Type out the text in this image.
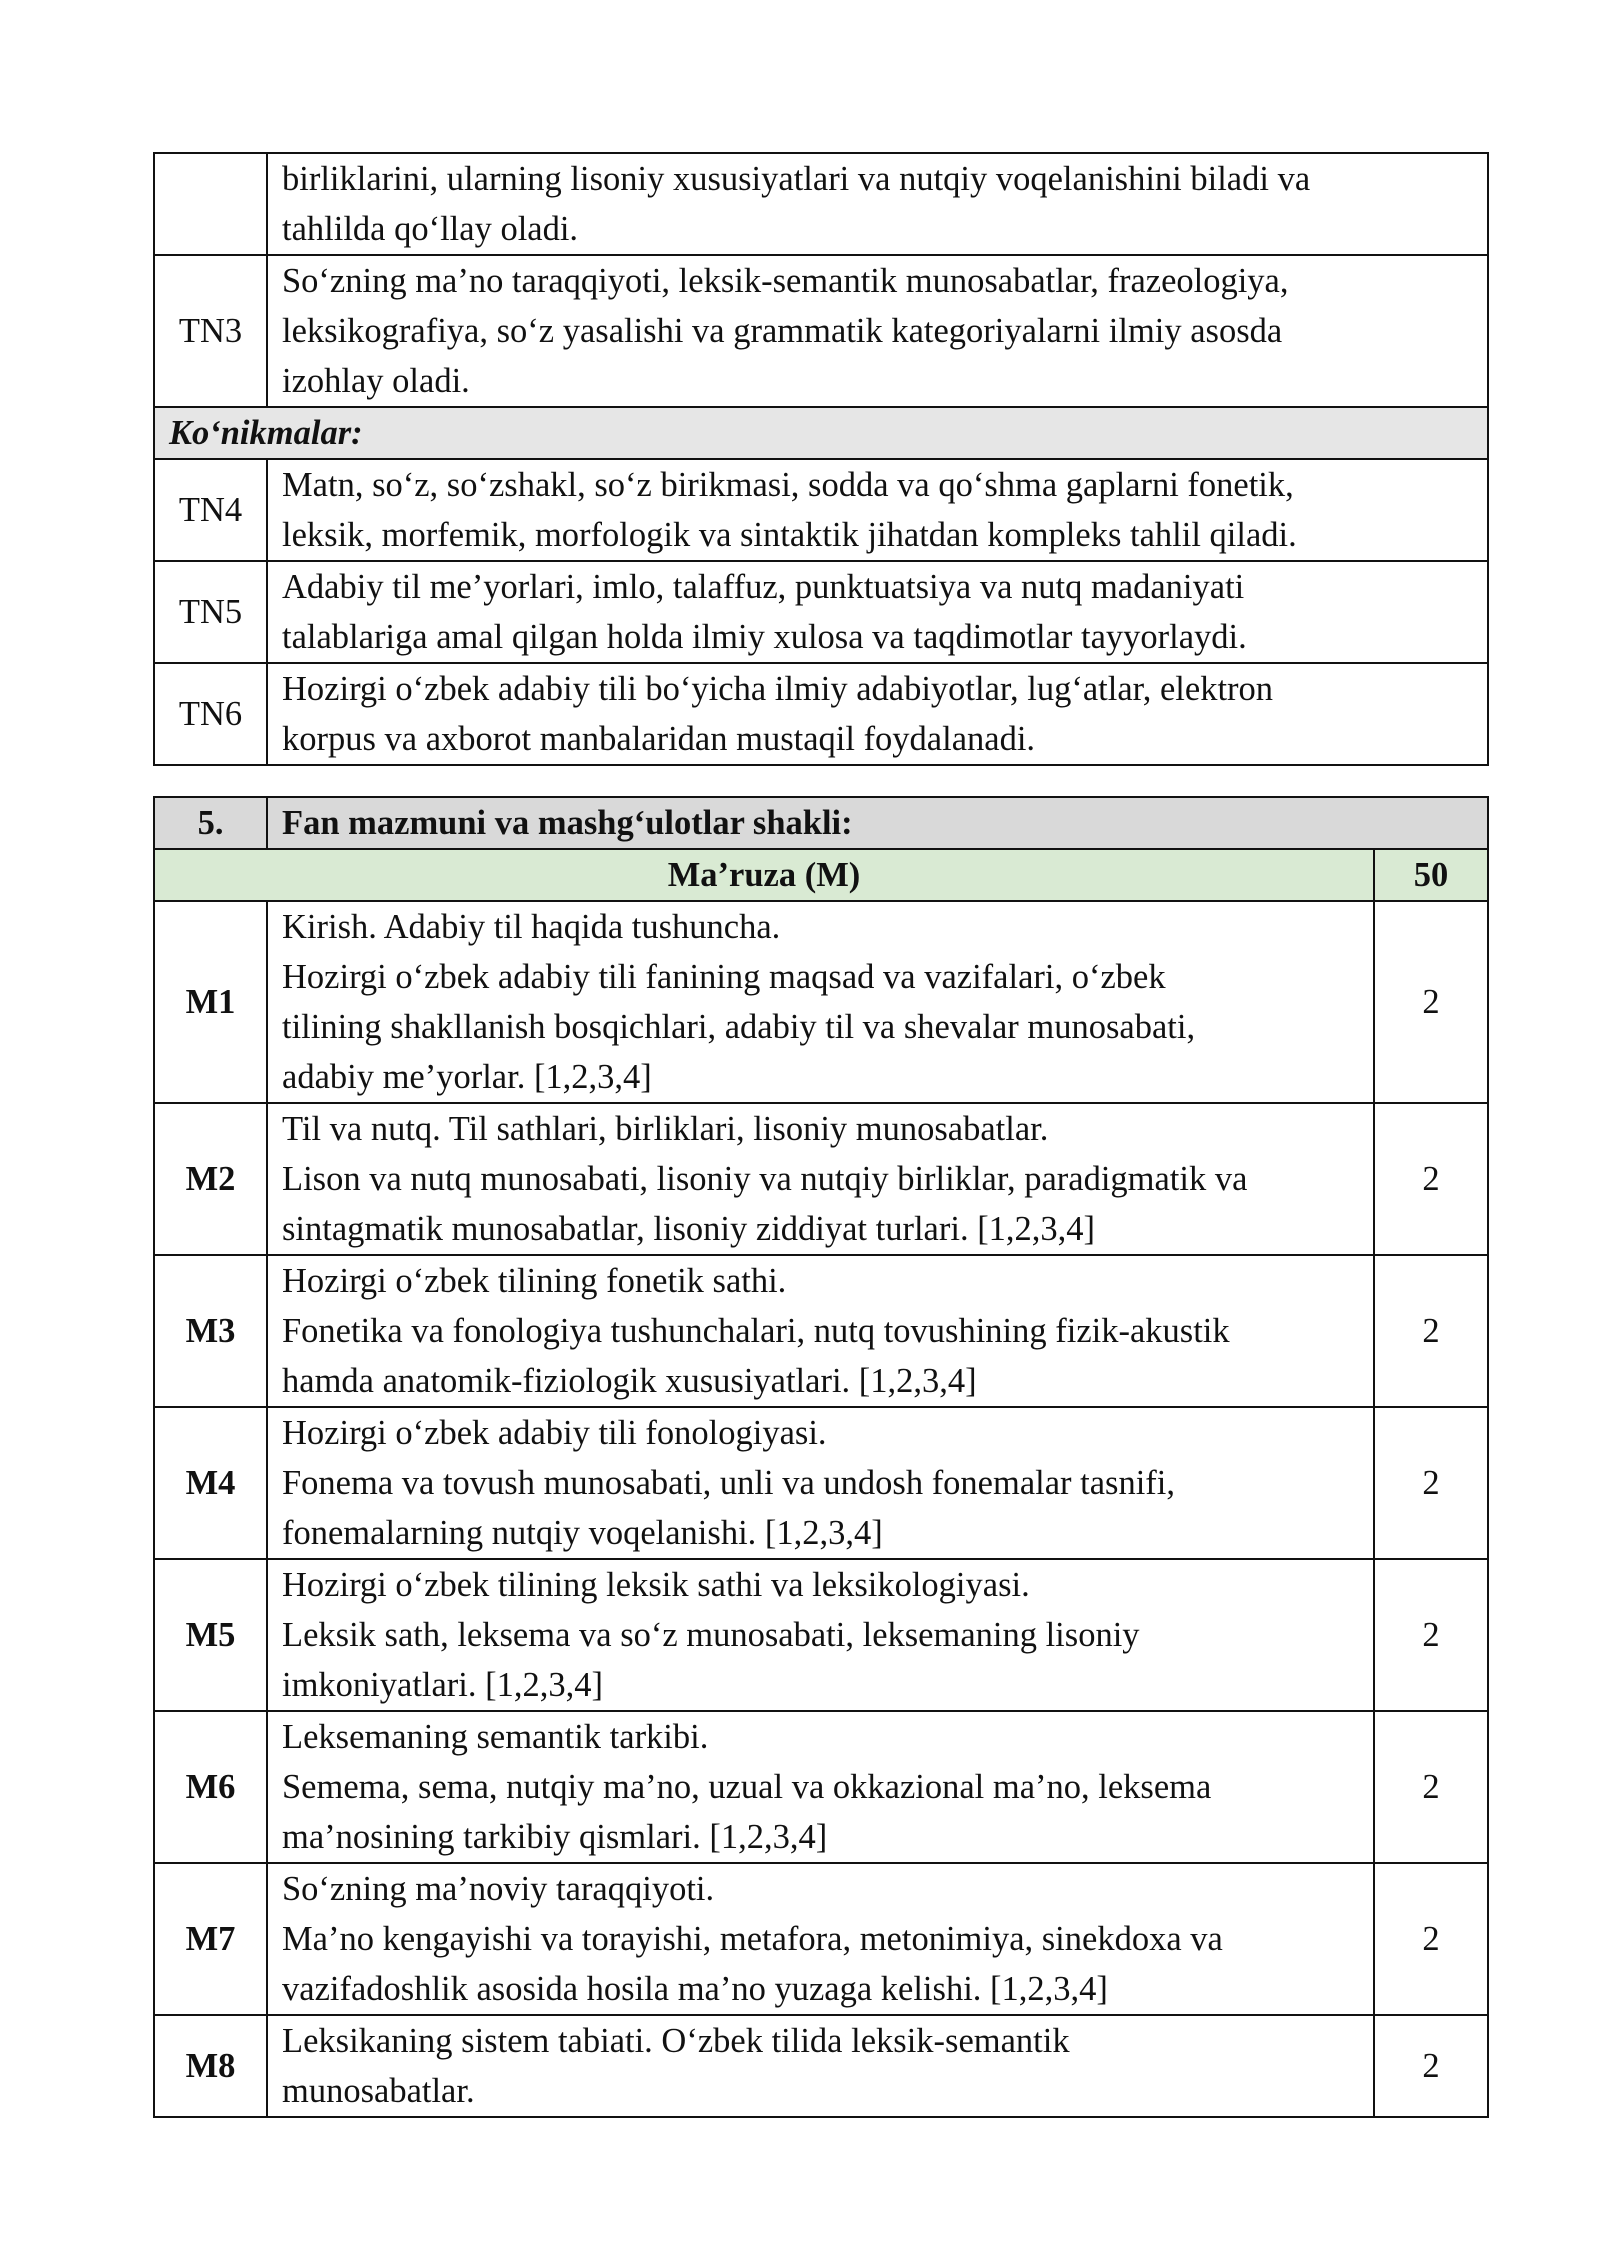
	birliklarini, ularning lisoniy xususiyatlari va nutqiy voqelanishini biladi va
tahlilda qo‘llay oladi.

TN3	So‘zning ma’no taraqqiyoti, leksik-semantik munosabatlar, frazeologiya,
leksikografiya, so‘z yasalishi va grammatik kategoriyalarni ilmiy asosda
izohlay oladi.

Ko‘nikmalar:	
TN4	Matn, so‘z, so‘zshakl, so‘z birikmasi, sodda va qo‘shma gaplarni fonetik,
leksik, morfemik, morfologik va sintaktik jihatdan kompleks tahlil qiladi.

TN5	Adabiy til me’yorlari, imlo, talaffuz, punktuatsiya va nutq madaniyati
talablariga amal qilgan holda ilmiy xulosa va taqdimotlar tayyorlaydi.

TN6	Hozirgi o‘zbek adabiy tili bo‘yicha ilmiy adabiyotlar, lug‘atlar, elektron
korpus va axborot manbalaridan mustaqil foydalanadi.
5.	Fan mazmuni va mashg‘ulotlar shakli:	
Ma’ruza (M)		50
M1	Kirish. Adabiy til haqida tushuncha.
Hozirgi o‘zbek adabiy tili fanining maqsad va vazifalari, o‘zbek
tilining shakllanish bosqichlari, adabiy til va shevalar munosabati,
adabiy me’yorlar. [1,2,3,4]	2
M2	Til va nutq. Til sathlari, birliklari, lisoniy munosabatlar.
Lison va nutq munosabati, lisoniy va nutqiy birliklar, paradigmatik va
sintagmatik munosabatlar, lisoniy ziddiyat turlari. [1,2,3,4]	2
M3	Hozirgi o‘zbek tilining fonetik sathi.
Fonetika va fonologiya tushunchalari, nutq tovushining fizik-akustik
hamda anatomik-fiziologik xususiyatlari. [1,2,3,4]	2
M4	Hozirgi o‘zbek adabiy tili fonologiyasi.
Fonema va tovush munosabati, unli va undosh fonemalar tasnifi,
fonemalarning nutqiy voqelanishi. [1,2,3,4]	2
M5	Hozirgi o‘zbek tilining leksik sathi va leksikologiyasi.
Leksik sath, leksema va so‘z munosabati, leksemaning lisoniy
imkoniyatlari. [1,2,3,4]	2
M6	Leksemaning semantik tarkibi.
Semema, sema, nutqiy ma’no, uzual va okkazional ma’no, leksema
ma’nosining tarkibiy qismlari. [1,2,3,4]	2
M7	So‘zning ma’noviy taraqqiyoti.
Ma’no kengayishi va torayishi, metafora, metonimiya, sinekdoxa va
vazifadoshlik asosida hosila ma’no yuzaga kelishi. [1,2,3,4]	2
M8	Leksikaning sistem tabiati. O‘zbek tilida leksik-semantik
munosabatlar.	2
